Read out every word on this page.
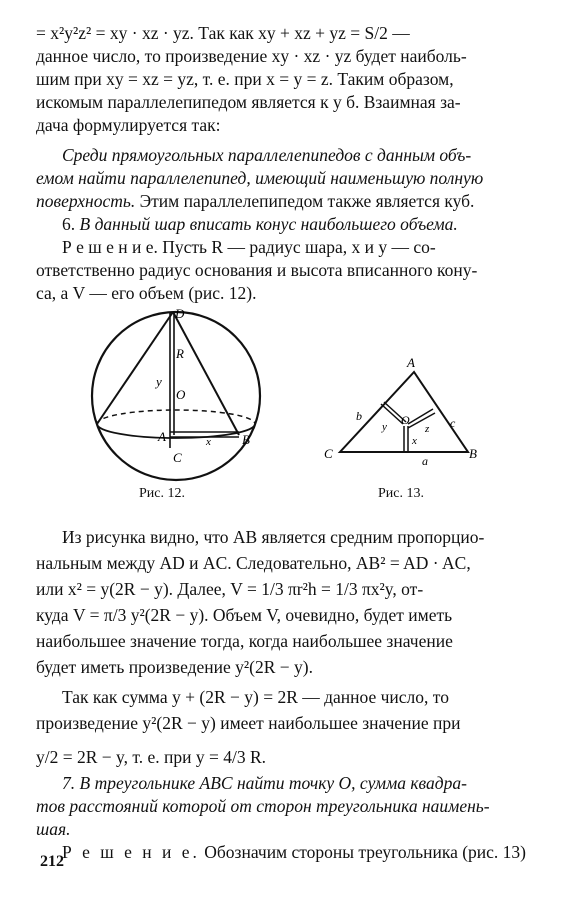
= x²y²z² = xy · xz · yz. Так как xy + xz + yz = S/2 —
данное число, то произведение xy · xz · yz будет наиболь-
шим при xy = xz = yz, т. е. при x = y = z. Таким образом,
искомым параллелепипедом является к у б. Взаимная за-
дача формулируется так:
Среди прямоугольных параллелепипедов с данным объ-
емом найти параллелепипед, имеющий наименьшую полную
поверхность. Этим параллелепипедом также является куб.
6. В данный шар вписать конус наибольшего объема.
Р е ш е н и е. Пусть R — радиус шара, x и y — со-
ответственно радиус основания и высота вписанного кону-
са, а V — его объем (рис. 12).
D
R
y
O
A	x B
C
Рис. 12.
A
O
b	c
y	z
x
C	a	B
Рис. 13.
Из рисунка видно, что AB является средним пропорцио-
нальным между AD и AC. Следовательно, AB² = AD · AC,
или x² = y(2R − y). Далее, V = 1/3 πr²h = 1/3 πx²y, от-
куда V = π/3 y²(2R − y). Объем V, очевидно, будет иметь
наибольшее значение тогда, когда наибольшее значение
будет иметь произведение y²(2R − y).
Так как сумма y + (2R − y) = 2R — данное число, то
произведение y²(2R − y) имеет наибольшее значение при
y/2 = 2R − y, т. е. при y = 4/3 R.
7. В треугольнике ABC найти точку O, сумма квадра-
тов расстояний которой от сторон треугольника наимень-
шая.
Р е ш е н и е. Обозначим стороны треугольника (рис. 13)
212
